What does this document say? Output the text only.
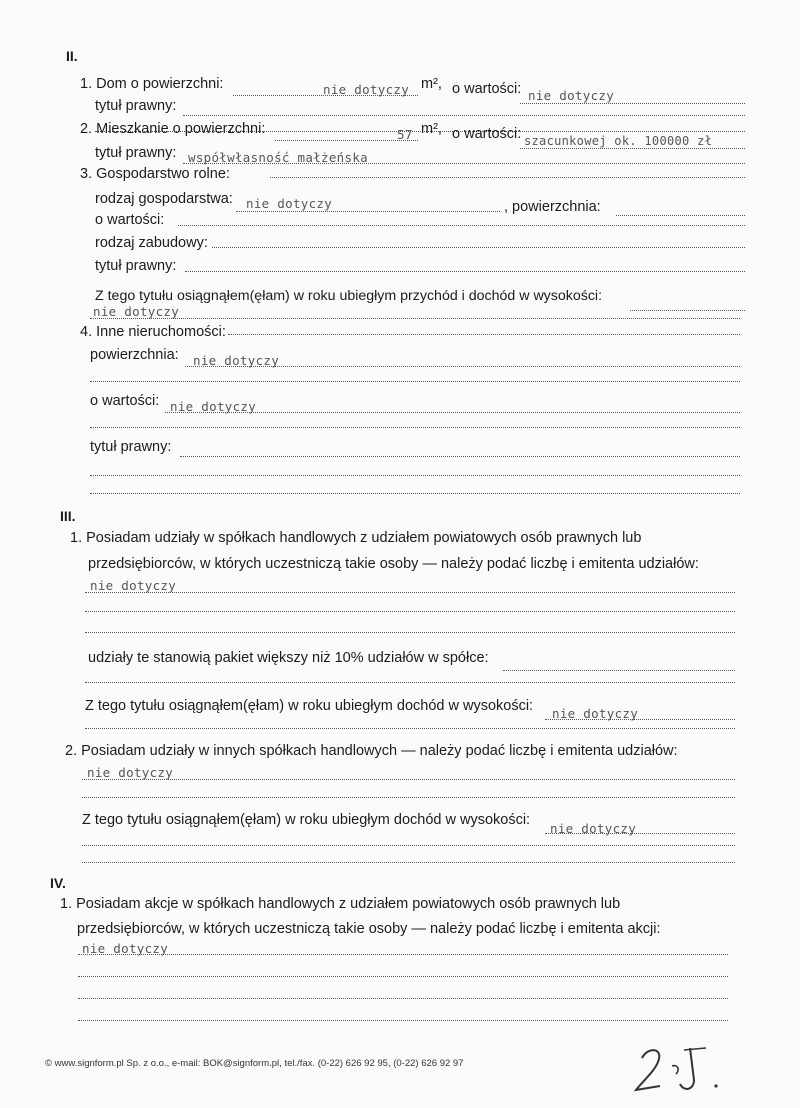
II.
1. Dom o powierzchni:	nie dotyczy m², o wartości: nie dotyczy
tytuł prawny:
2. Mieszkanie o powierzchni:	57 m², o wartości: szacunkowej ok. 100000 zł
tytuł prawny: współwłasność małżeńska
3. Gospodarstwo rolne:
rodzaj gospodarstwa: nie dotyczy	, powierzchnia:
o wartości:
rodzaj zabudowy:
tytuł prawny:
Z tego tytułu osiągnąłem(ęłam) w roku ubiegłym przychód i dochód w wysokości:
nie dotyczy
4. Inne nieruchomości:
powierzchnia: nie dotyczy
o wartości: nie dotyczy
tytuł prawny:
III.
1. Posiadam udziały w spółkach handlowych z udziałem powiatowych osób prawnych lub
przedsiębiorców, w których uczestniczą takie osoby — należy podać liczbę i emitenta udziałów:
nie dotyczy
udziały te stanowią pakiet większy niż 10% udziałów w spółce:
Z tego tytułu osiągnąłem(ęłam) w roku ubiegłym dochód w wysokości: nie dotyczy
2. Posiadam udziały w innych spółkach handlowych — należy podać liczbę i emitenta udziałów:
nie dotyczy
Z tego tytułu osiągnąłem(ęłam) w roku ubiegłym dochód w wysokości:
nie dotyczy
IV.
1. Posiadam akcje w spółkach handlowych z udziałem powiatowych osób prawnych lub
przedsiębiorców, w których uczestniczą takie osoby — należy podać liczbę i emitenta akcji:
nie dotyczy
© www.signform.pl Sp. z o.o., e-mail: BOK@signform.pl, tel./fax. (0-22) 626 92 95, (0-22) 626 92 97
